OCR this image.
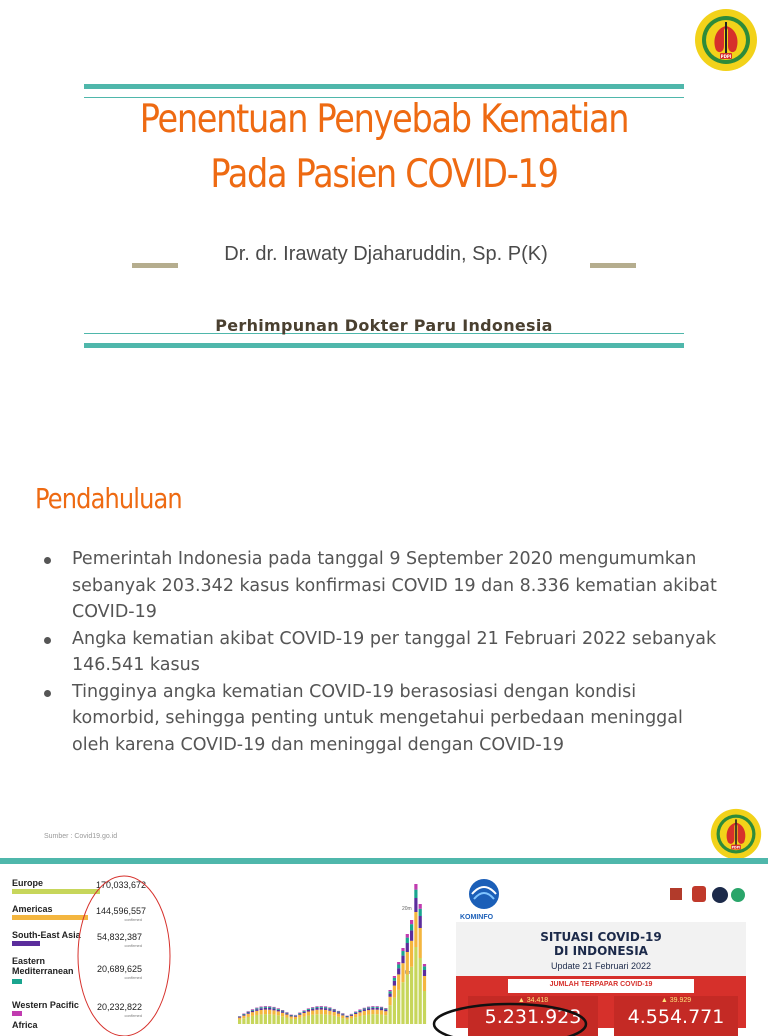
PDPI
Penentuan Penyebab Kematian
Pada Pasien COVID-19
Dr. dr. Irawaty Djaharuddin, Sp. P(K)
Perhimpunan Dokter Paru Indonesia
Pendahuluan
Pemerintah Indonesia pada tanggal 9 September 2020 mengumumkan
sebanyak 203.342 kasus konfirmasi COVID 19 dan 8.336 kematian akibat
COVID-19
Angka kematian akibat COVID-19 per tanggal 21 Februari 2022 sebanyak
146.541 kasus
Tingginya angka kematian COVID-19 berasosiasi dengan kondisi
komorbid, sehingga penting untuk mengetahui perbedaan meninggal
oleh karena COVID-19 dan meninggal dengan COVID-19
Sumber : Covid19.go.id
PDPI
Europe	170,033,672
Americas	144,596,557
confirmed
South-East Asia 54,832,387
confirmed
Eastern Mediterranean	20,689,625
confirmed
Western Pacific 20,232,822
confirmed
Africa
20m
KOMINFO
SITUASI COVID-19
DI INDONESIA
Update 21 Februari 2022
JUMLAH TERPAPAR COVID-19
▲ 34.418	▲ 39.929
5.231.923	4.554.771
